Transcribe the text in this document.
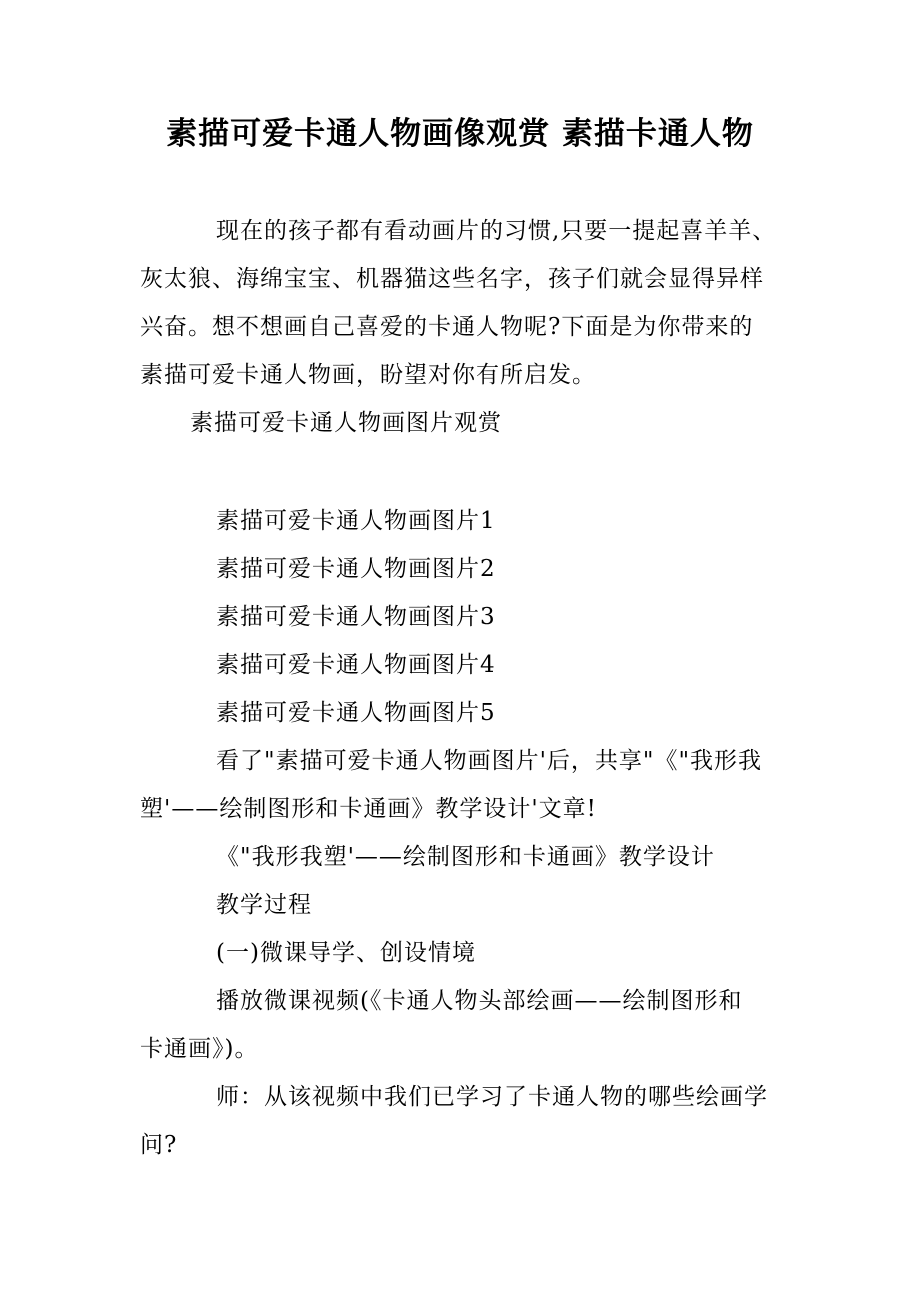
素描可爱卡通人物画像观赏 素描卡通人物
现在的孩子都有看动画片的习惯,只要一提起喜羊羊、
灰太狼、海绵宝宝、机器猫这些名字，孩子们就会显得异样
兴奋。想不想画自己喜爱的卡通人物呢?下面是为你带来的
素描可爱卡通人物画，盼望对你有所启发。
素描可爱卡通人物画图片观赏
素描可爱卡通人物画图片1
素描可爱卡通人物画图片2
素描可爱卡通人物画图片3
素描可爱卡通人物画图片4
素描可爱卡通人物画图片5
看了"素描可爱卡通人物画图片'后，共享"《"我形我
塑'——绘制图形和卡通画》教学设计'文章!
《"我形我塑'——绘制图形和卡通画》教学设计
教学过程
(一)微课导学、创设情境
播放微课视频(《卡通人物头部绘画——绘制图形和
卡通画》)。
师：从该视频中我们已学习了卡通人物的哪些绘画学
问?
